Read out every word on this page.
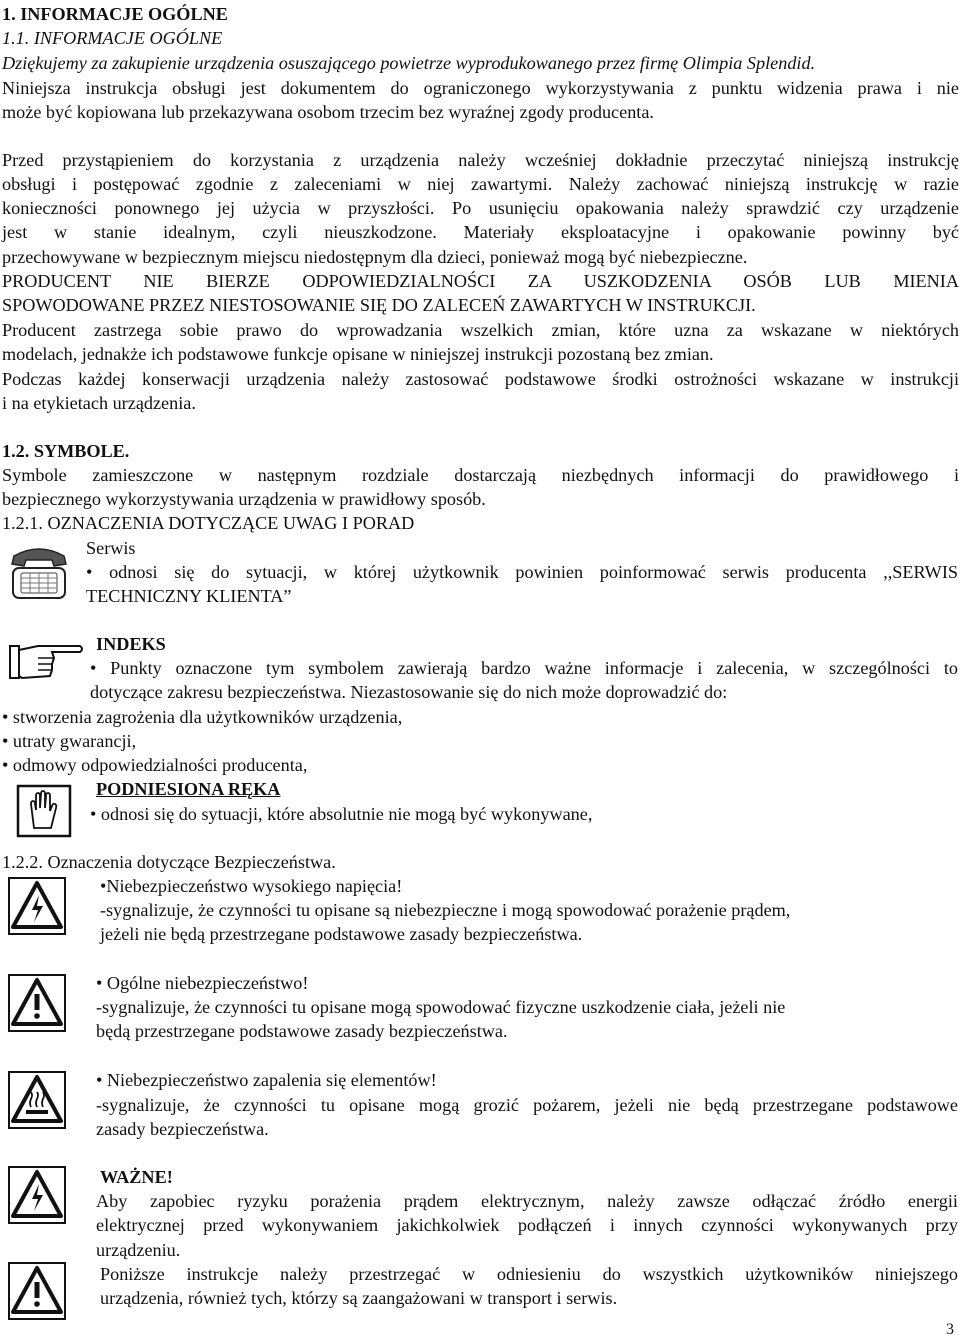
1. INFORMACJE OGÓLNE
1.1. INFORMACJE OGÓLNE
Dziękujemy za zakupienie urządzenia osuszającego powietrze wyprodukowanego przez firmę Olimpia Splendid.
Niniejsza instrukcja obsługi jest dokumentem do ograniczonego wykorzystywania z punktu widzenia prawa i nie
może być kopiowana lub przekazywana osobom trzecim bez wyraźnej zgody producenta.
Przed przystąpieniem do korzystania z urządzenia należy wcześniej dokładnie przeczytać niniejszą instrukcję
obsługi i postępować zgodnie z zaleceniami w niej zawartymi. Należy zachować niniejszą instrukcję w razie
konieczności ponownego jej użycia w przyszłości. Po usunięciu opakowania należy sprawdzić czy urządzenie
jest w stanie idealnym, czyli nieuszkodzone. Materiały eksploatacyjne i opakowanie powinny być
przechowywane w bezpiecznym miejscu niedostępnym dla dzieci, ponieważ mogą być niebezpieczne.
PRODUCENT NIE BIERZE ODPOWIEDZIALNOŚCI ZA USZKODZENIA OSÓB LUB MIENIA
SPOWODOWANE PRZEZ NIESTOSOWANIE SIĘ DO ZALECEŃ ZAWARTYCH W INSTRUKCJI.
Producent zastrzega sobie prawo do wprowadzania wszelkich zmian, które uzna za wskazane w niektórych
modelach, jednakże ich podstawowe funkcje opisane w niniejszej instrukcji pozostaną bez zmian.
Podczas każdej konserwacji urządzenia należy zastosować podstawowe środki ostrożności wskazane w instrukcji
i na etykietach urządzenia.
1.2. SYMBOLE.
Symbole zamieszczone w następnym rozdziale dostarczają niezbędnych informacji do prawidłowego i
bezpiecznego wykorzystywania urządzenia w prawidłowy sposób.
1.2.1. OZNACZENIA DOTYCZĄCE UWAG I PORAD
Serwis
• odnosi się do sytuacji, w której użytkownik powinien poinformować serwis producenta ,,SERWIS
TECHNICZNY KLIENTA”
INDEKS
• Punkty oznaczone tym symbolem zawierają bardzo ważne informacje i zalecenia, w szczególności to
dotyczące zakresu bezpieczeństwa. Niezastosowanie się do nich może doprowadzić do:
• stworzenia zagrożenia dla użytkowników urządzenia,
• utraty gwarancji,
• odmowy odpowiedzialności producenta,
PODNIESIONA RĘKA
• odnosi się do sytuacji, które absolutnie nie mogą być wykonywane,
1.2.2. Oznaczenia dotyczące Bezpieczeństwa.
•Niebezpieczeństwo wysokiego napięcia!
-sygnalizuje, że czynności tu opisane są niebezpieczne i mogą spowodować porażenie prądem,
jeżeli nie będą przestrzegane podstawowe zasady bezpieczeństwa.
• Ogólne niebezpieczeństwo!
-sygnalizuje, że czynności tu opisane mogą spowodować fizyczne uszkodzenie ciała, jeżeli nie
będą przestrzegane podstawowe zasady bezpieczeństwa.
• Niebezpieczeństwo zapalenia się elementów!
-sygnalizuje, że czynności tu opisane mogą grozić pożarem, jeżeli nie będą przestrzegane podstawowe
zasady bezpieczeństwa.
WAŻNE!
Aby zapobiec ryzyku porażenia prądem elektrycznym, należy zawsze odłączać źródło energii
elektrycznej przed wykonywaniem jakichkolwiek podłączeń i innych czynności wykonywanych przy
urządzeniu.
Poniższe instrukcje należy przestrzegać w odniesieniu do wszystkich użytkowników niniejszego
urządzenia, również tych, którzy są zaangażowani w transport i serwis.
3
